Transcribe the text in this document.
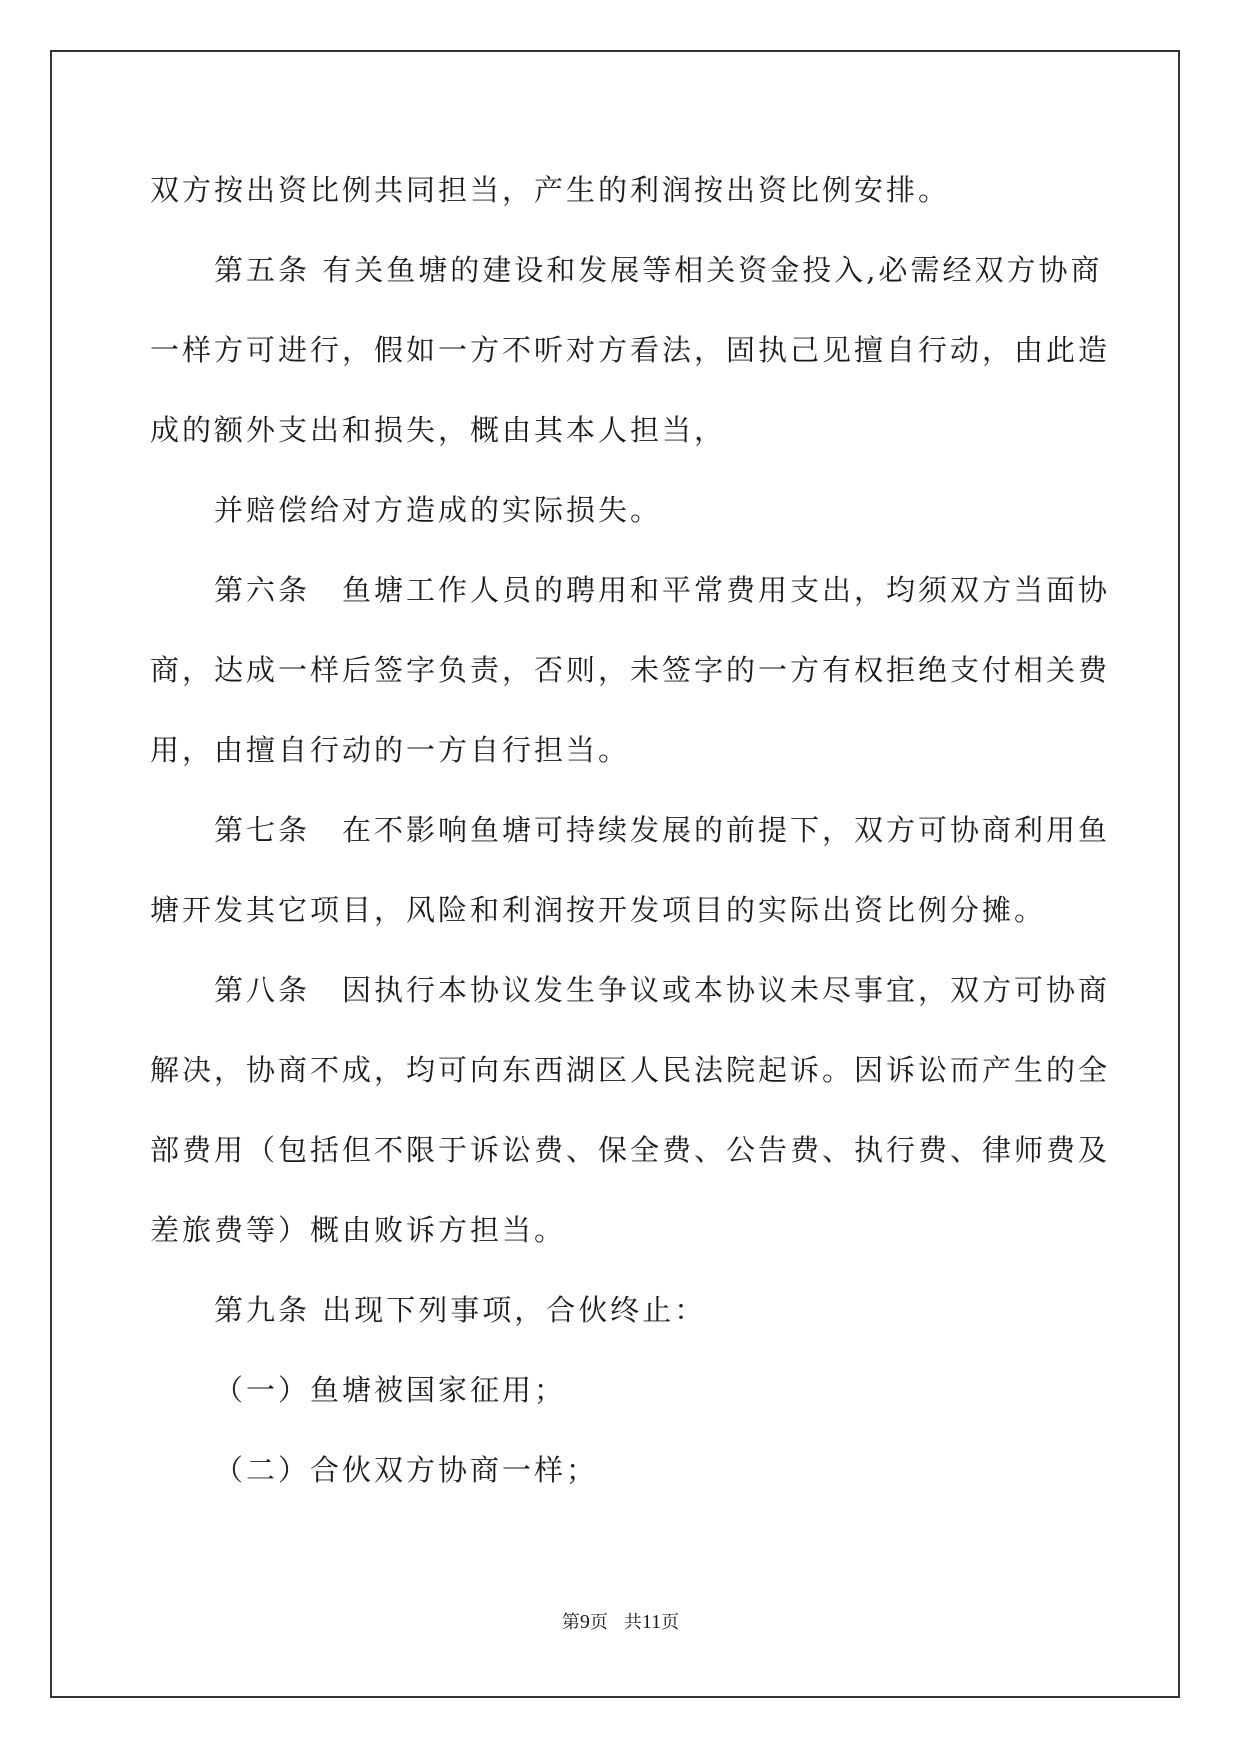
双方按出资比例共同担当，产生的利润按出资比例安排。
第五条 有关鱼塘的建设和发展等相关资金投入,必需经双方协商
一样方可进行，假如一方不听对方看法，固执己见擅自行动，由此造
成的额外支出和损失，概由其本人担当，
并赔偿给对方造成的实际损失。
第六条　鱼塘工作人员的聘用和平常费用支出，均须双方当面协
商，达成一样后签字负责，否则，未签字的一方有权拒绝支付相关费
用，由擅自行动的一方自行担当。
第七条　在不影响鱼塘可持续发展的前提下，双方可协商利用鱼
塘开发其它项目，风险和利润按开发项目的实际出资比例分摊。
第八条　因执行本协议发生争议或本协议未尽事宜，双方可协商
解决，协商不成，均可向东西湖区人民法院起诉。因诉讼而产生的全
部费用（包括但不限于诉讼费、保全费、公告费、执行费、律师费及
差旅费等）概由败诉方担当。
第九条 出现下列事项，合伙终止：
（一）鱼塘被国家征用；
（二）合伙双方协商一样；
第9页 共11页
